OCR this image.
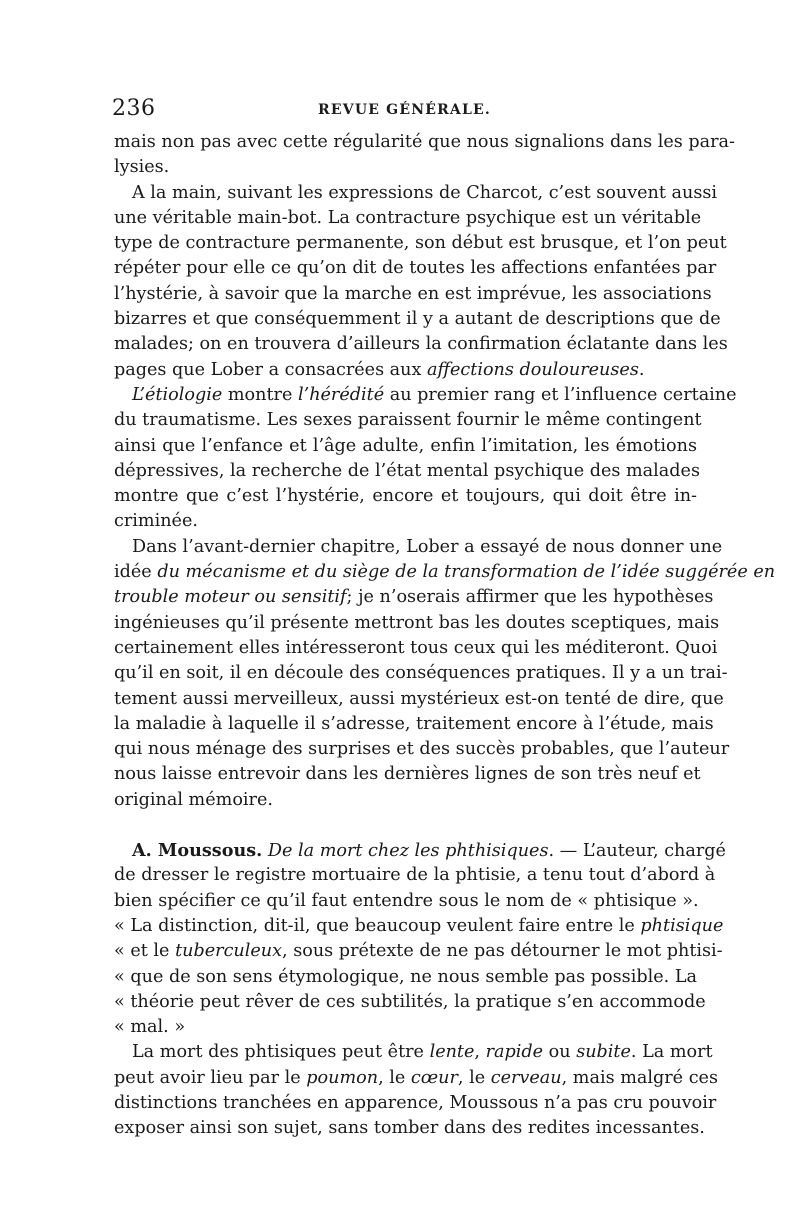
236	REVUE GÉNÉRALE.
mais non pas avec cette régularité que nous signalions dans les para-
lysies.
A la main, suivant les expressions de Charcot, c’est souvent aussi
une véritable main-bot. La contracture psychique est un véritable
type de contracture permanente, son début est brusque, et l’on peut
répéter pour elle ce qu’on dit de toutes les affections enfantées par
l’hystérie, à savoir que la marche en est imprévue, les associations
bizarres et que conséquemment il y a autant de descriptions que de
malades; on en trouvera d’ailleurs la confirmation éclatante dans les
pages que Lober a consacrées aux affections douloureuses.
L’étiologie montre l’hérédité au premier rang et l’influence certaine
du traumatisme. Les sexes paraissent fournir le même contingent
ainsi que l’enfance et l’âge adulte, enfin l’imitation, les émotions
dépressives, la recherche de l’état mental psychique des malades
montre que c’est l’hystérie, encore et toujours, qui doit être in-
criminée.
Dans l’avant-dernier chapitre, Lober a essayé de nous donner une
idée du mécanisme et du siège de la transformation de l’idée suggérée en
trouble moteur ou sensitif; je n’oserais affirmer que les hypothèses
ingénieuses qu’il présente mettront bas les doutes sceptiques, mais
certainement elles intéresseront tous ceux qui les méditeront. Quoi
qu’il en soit, il en découle des conséquences pratiques. Il y a un trai-
tement aussi merveilleux, aussi mystérieux est-on tenté de dire, que
la maladie à laquelle il s’adresse, traitement encore à l’étude, mais
qui nous ménage des surprises et des succès probables, que l’auteur
nous laisse entrevoir dans les dernières lignes de son très neuf et
original mémoire.
A. Moussous. De la mort chez les phthisiques. — L’auteur, chargé
de dresser le registre mortuaire de la phtisie, a tenu tout d’abord à
bien spécifier ce qu’il faut entendre sous le nom de « phtisique ».
« La distinction, dit-il, que beaucoup veulent faire entre le phtisique
« et le tuberculeux, sous prétexte de ne pas détourner le mot phtisi-
« que de son sens étymologique, ne nous semble pas possible. La
« théorie peut rêver de ces subtilités, la pratique s’en accommode
« mal. »
La mort des phtisiques peut être lente, rapide ou subite. La mort
peut avoir lieu par le poumon, le cœur, le cerveau, mais malgré ces
distinctions tranchées en apparence, Moussous n’a pas cru pouvoir
exposer ainsi son sujet, sans tomber dans des redites incessantes.
